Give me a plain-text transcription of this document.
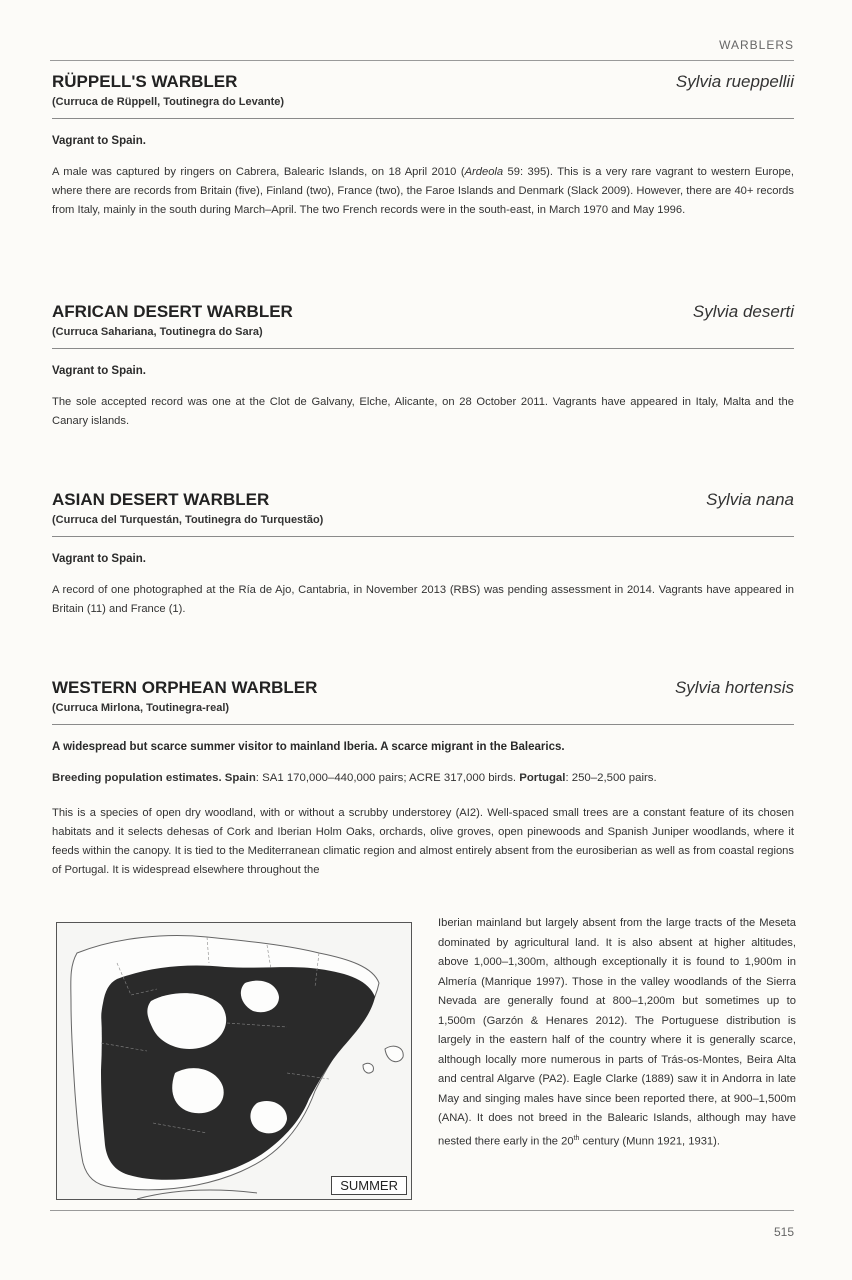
WARBLERS
RÜPPELL'S WARBLER
(Curruca de Rüppell, Toutinegra do Levante)
Sylvia rueppellii
Vagrant to Spain.
A male was captured by ringers on Cabrera, Balearic Islands, on 18 April 2010 (Ardeola 59: 395). This is a very rare vagrant to western Europe, where there are records from Britain (five), Finland (two), France (two), the Faroe Islands and Denmark (Slack 2009). However, there are 40+ records from Italy, mainly in the south during March–April. The two French records were in the south-east, in March 1970 and May 1996.
AFRICAN DESERT WARBLER
(Curruca Sahariana, Toutinegra do Sara)
Sylvia deserti
Vagrant to Spain.
The sole accepted record was one at the Clot de Galvany, Elche, Alicante, on 28 October 2011. Vagrants have appeared in Italy, Malta and the Canary islands.
ASIAN DESERT WARBLER
(Curruca del Turquestán, Toutinegra do Turquestão)
Sylvia nana
Vagrant to Spain.
A record of one photographed at the Ría de Ajo, Cantabria, in November 2013 (RBS) was pending assessment in 2014. Vagrants have appeared in Britain (11) and France (1).
WESTERN ORPHEAN WARBLER
(Curruca Mirlona, Toutinegra-real)
Sylvia hortensis
A widespread but scarce summer visitor to mainland Iberia. A scarce migrant in the Balearics.
Breeding population estimates. Spain: SA1 170,000–440,000 pairs; ACRE 317,000 birds. Portugal: 250–2,500 pairs.
This is a species of open dry woodland, with or without a scrubby understorey (AI2). Well-spaced small trees are a constant feature of its chosen habitats and it selects dehesas of Cork and Iberian Holm Oaks, orchards, olive groves, open pinewoods and Spanish Juniper woodlands, where it feeds within the canopy. It is tied to the Mediterranean climatic region and almost entirely absent from the eurosiberian as well as from coastal regions of Portugal. It is widespread elsewhere throughout the
SUMMER
Iberian mainland but largely absent from the large tracts of the Meseta dominated by agricultural land. It is also absent at higher altitudes, above 1,000–1,300m, although exceptionally it is found to 1,900m in Almería (Manrique 1997). Those in the valley woodlands of the Sierra Nevada are generally found at 800–1,200m but sometimes up to 1,500m (Garzón & Henares 2012). The Portuguese distribution is largely in the eastern half of the country where it is generally scarce, although locally more numerous in parts of Trás-os-Montes, Beira Alta and central Algarve (PA2). Eagle Clarke (1889) saw it in Andorra in late May and singing males have since been reported there, at 900–1,500m (ANA). It does not breed in the Balearic Islands, although may have nested there early in the 20th century (Munn 1921, 1931).
515
